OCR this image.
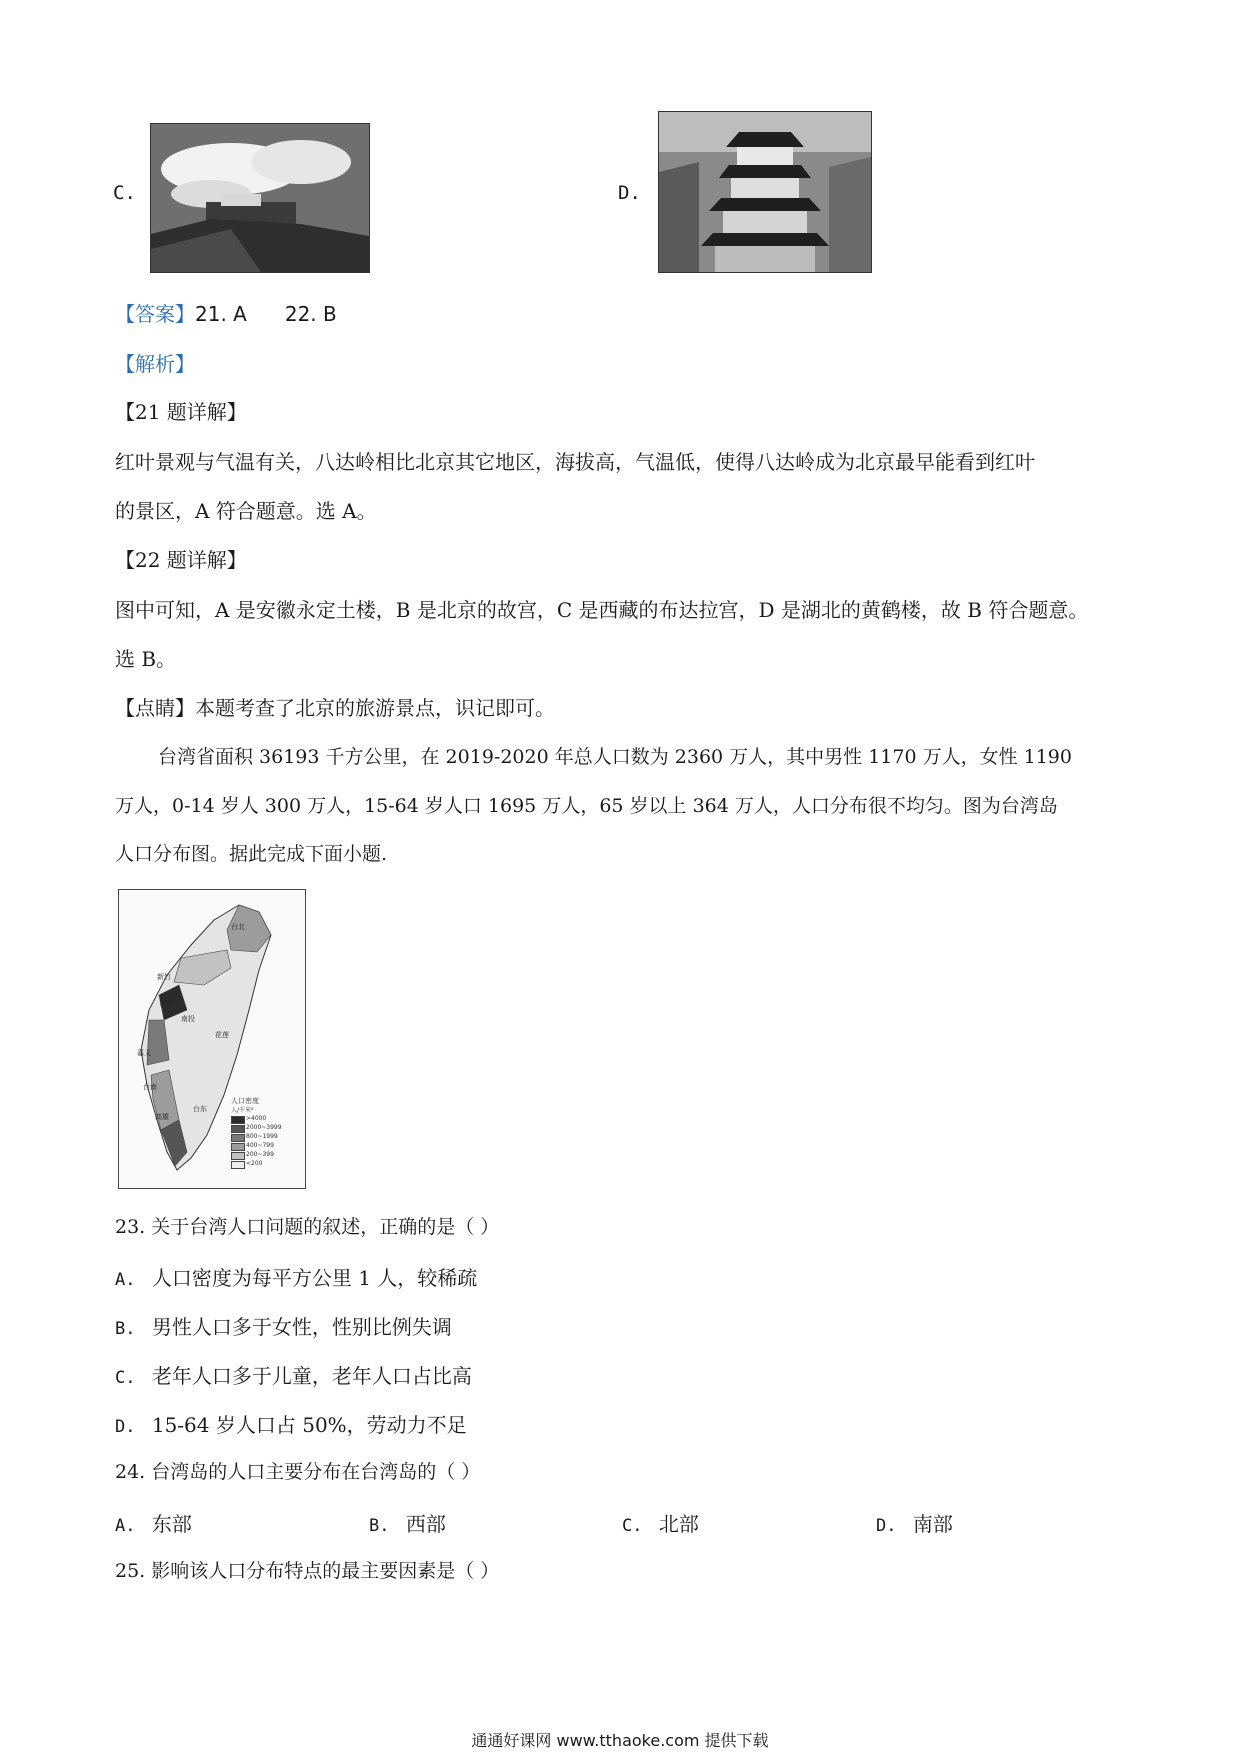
C.	D.
【答案】21. A 22. B
【解析】
【21 题详解】
红叶景观与气温有关，八达岭相比北京其它地区，海拔高，气温低，使得八达岭成为北京最早能看到红叶
的景区，A 符合题意。选 A。
【22 题详解】
图中可知，A 是安徽永定土楼，B 是北京的故宫，C 是西藏的布达拉宫，D 是湖北的黄鹤楼，故 B 符合题意。
选 B。
【点睛】本题考查了北京的旅游景点，识记即可。
台湾省面积 36193 千方公里，在 2019-2020 年总人口数为 2360 万人，其中男性 1170 万人，女性 1190
万人，0-14 岁人 300 万人，15-64 岁人口 1695 万人，65 岁以上 364 万人，人口分布很不均匀。图为台湾岛
人口分布图。据此完成下面小题.
台北
新竹
台中
南投
花莲
嘉义
台南
台东
高雄
人口密度
人/千米²
>4000
2000~3999
800~1999
400~799
200~399
<200
23. 关于台湾人口问题的叙述，正确的是（ ）
A. 人口密度为每平方公里 1 人，较稀疏
B. 男性人口多于女性，性别比例失调
C. 老年人口多于儿童，老年人口占比高
D. 15-64 岁人口占 50%，劳动力不足
24. 台湾岛的人口主要分布在台湾岛的（ ）
A. 东部	B. 西部	C. 北部	D. 南部
25. 影响该人口分布特点的最主要因素是（ ）
通通好课网 www.tthaoke.com 提供下载
